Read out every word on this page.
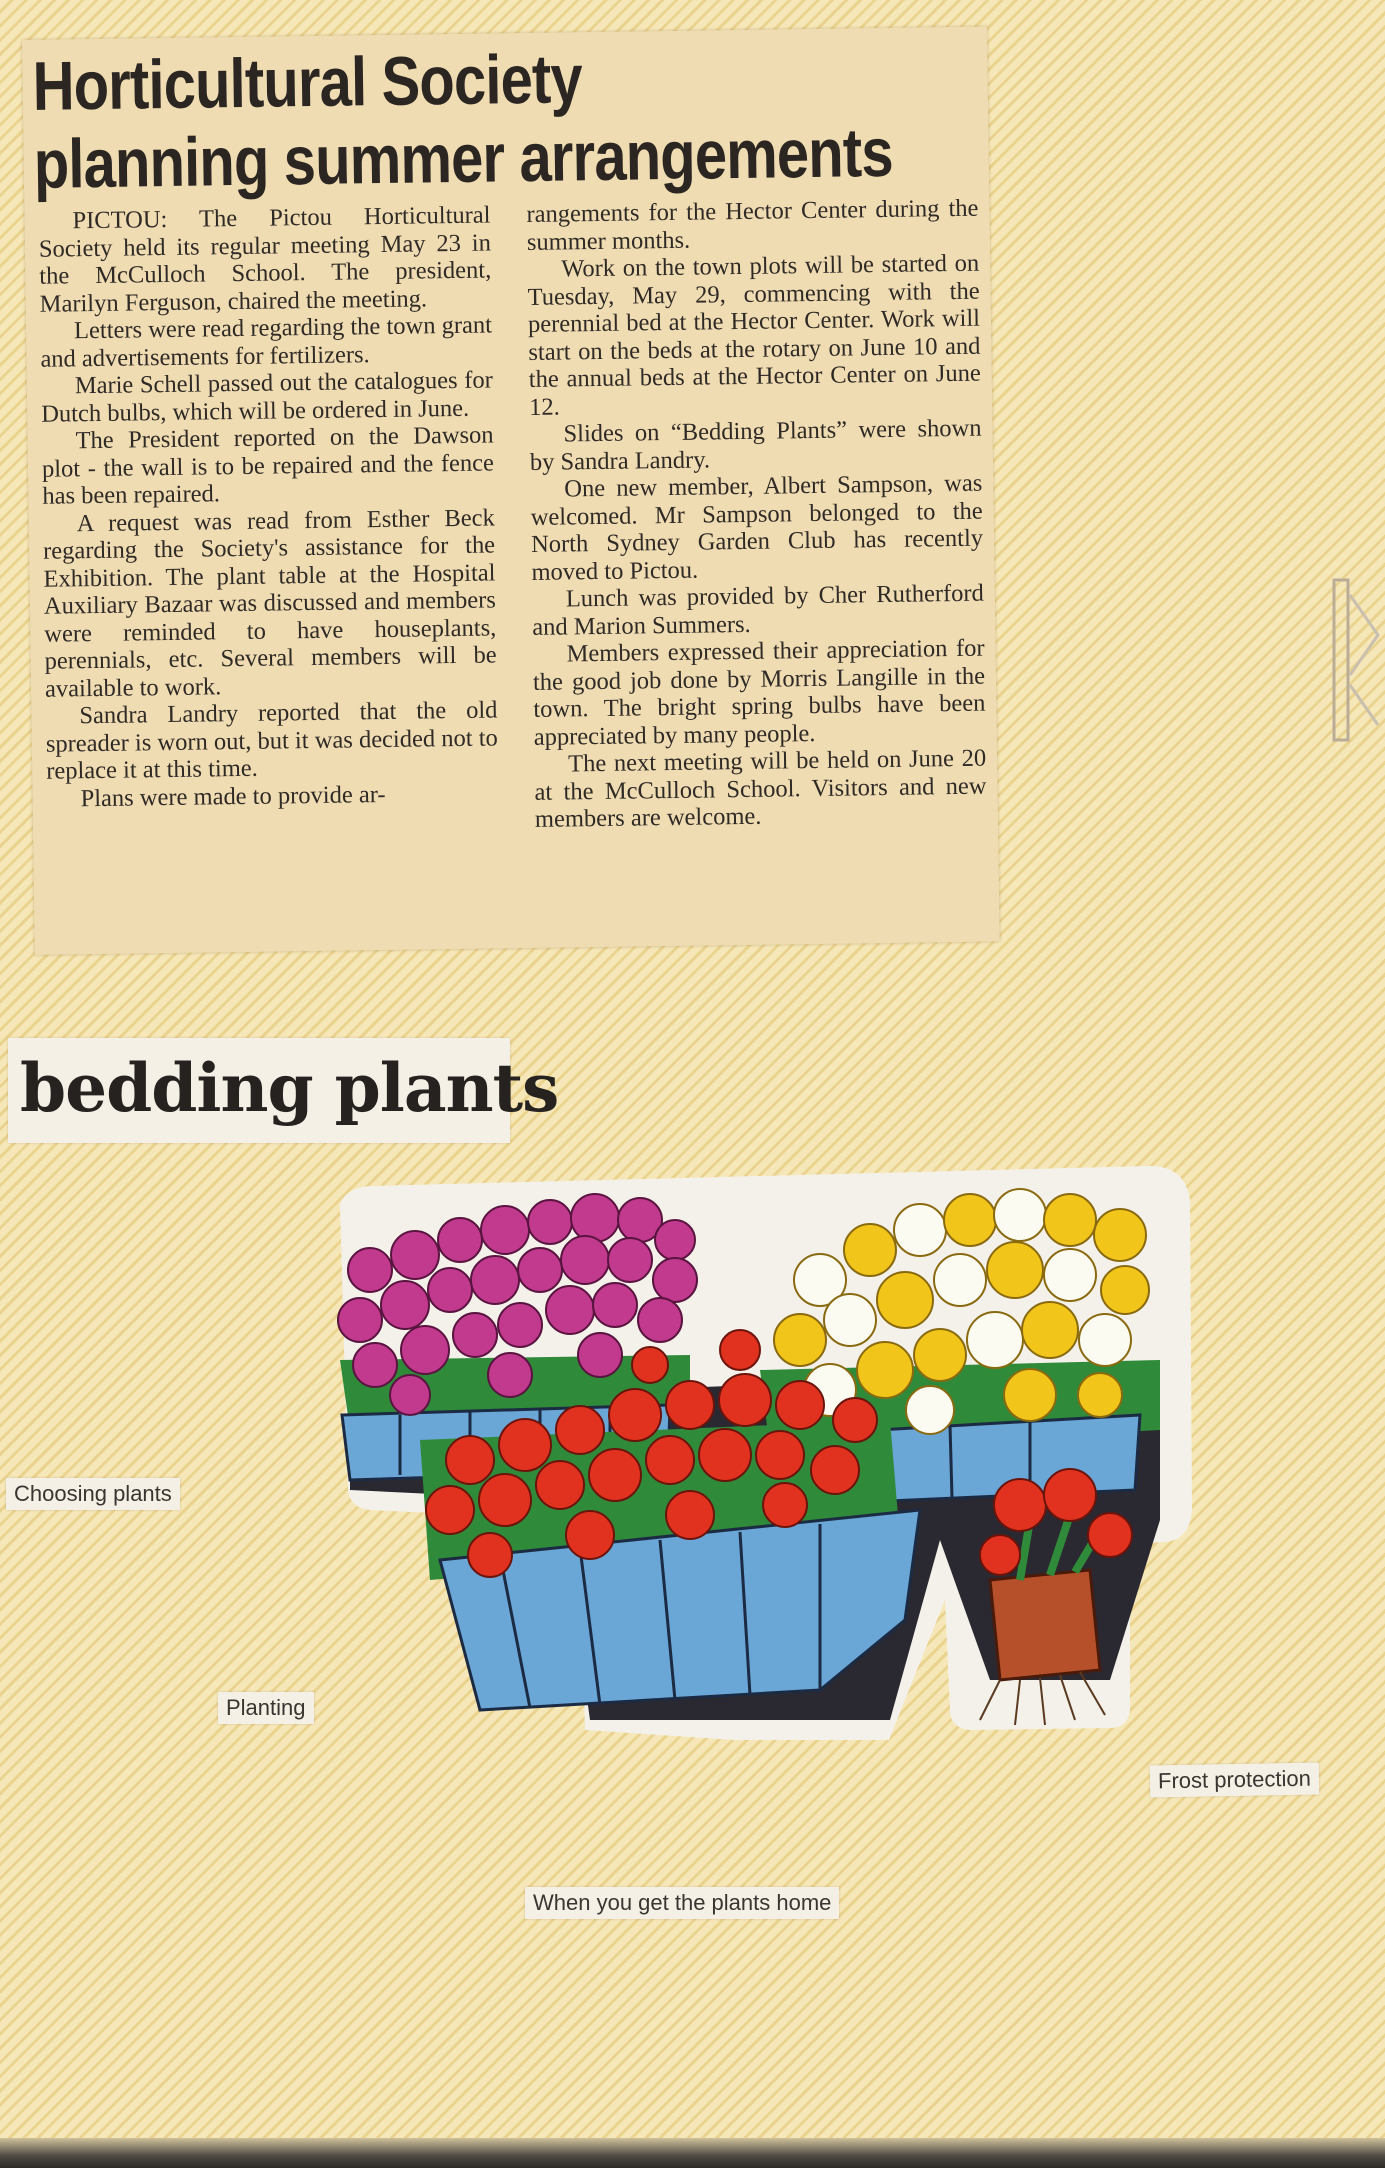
Horticultural Society
planning summer arrangements

PICTOU: The Pictou Horticultural Society held its regular meeting May 23 in the McCulloch School. The president, Marilyn Ferguson, chaired the meeting.

Letters were read regarding the town grant and advertisements for fertilizers.

Marie Schell passed out the catalogues for Dutch bulbs, which will be ordered in June.

The President reported on the Dawson plot - the wall is to be repaired and the fence has been repaired.

A request was read from Esther Beck regarding the Society's assistance for the Exhibition. The plant table at the Hospital Auxiliary Bazaar was discussed and members were reminded to have houseplants, perennials, etc. Several members will be available to work.

Sandra Landry reported that the old spreader is worn out, but it was decided not to replace it at this time.

Plans were made to provide ar-

rangements for the Hector Center during the summer months.

Work on the town plots will be started on Tuesday, May 29, commencing with the perennial bed at the Hector Center. Work will start on the beds at the rotary on June 10 and the annual beds at the Hector Center on June 12.

Slides on “Bedding Plants” were shown by Sandra Landry.

One new member, Albert Sampson, was welcomed. Mr Sampson belonged to the North Sydney Garden Club has recently moved to Pictou.

Lunch was provided by Cher Rutherford and Marion Summers.

Members expressed their appreciation for the good job done by Morris Langille in the town. The bright spring bulbs have been appreciated by many people.

The next meeting will be held on June 20 at the McCulloch School. Visitors and new members are welcome.

bedding plants
Choosing plants
Planting
Frost protection
When you get the plants home
